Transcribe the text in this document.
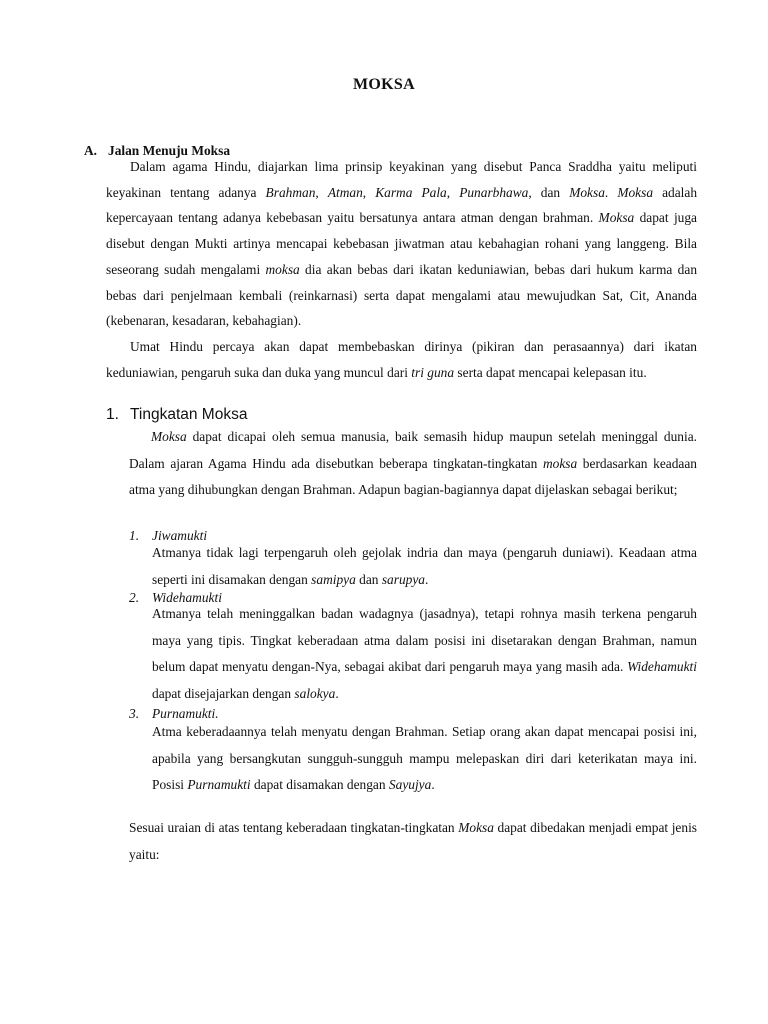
MOKSA
A. Jalan Menuju Moksa

Dalam agama Hindu, diajarkan lima prinsip keyakinan yang disebut Panca Sraddha yaitu meliputi keyakinan tentang adanya Brahman, Atman, Karma Pala, Punarbhawa, dan Moksa. Moksa adalah kepercayaan tentang adanya kebebasan yaitu bersatunya antara atman dengan brahman. Moksa dapat juga disebut dengan Mukti artinya mencapai kebebasan jiwatman atau kebahagian rohani yang langgeng. Bila seseorang sudah mengalami moksa dia akan bebas dari ikatan keduniawian, bebas dari hukum karma dan bebas dari penjelmaan kembali (reinkarnasi) serta dapat mengalami atau mewujudkan Sat, Cit, Ananda (kebenaran, kesadaran, kebahagian).

Umat Hindu percaya akan dapat membebaskan dirinya (pikiran dan perasaannya) dari ikatan keduniawian, pengaruh suka dan duka yang muncul dari tri guna serta dapat mencapai kelepasan itu.

1. Tingkatan Moksa

Moksa dapat dicapai oleh semua manusia, baik semasih hidup maupun setelah meninggal dunia. Dalam ajaran Agama Hindu ada disebutkan beberapa tingkatan-tingkatan moksa berdasarkan keadaan atma yang dihubungkan dengan Brahman. Adapun bagian-bagiannya dapat dijelaskan sebagai berikut;

1. Jiwamukti

Atmanya tidak lagi terpengaruh oleh gejolak indria dan maya (pengaruh duniawi). Keadaan atma seperti ini disamakan dengan samipya dan sarupya.

2. Widehamukti

Atmanya telah meninggalkan badan wadagnya (jasadnya), tetapi rohnya masih terkena pengaruh maya yang tipis. Tingkat keberadaan atma dalam posisi ini disetarakan dengan Brahman, namun belum dapat menyatu dengan-Nya, sebagai akibat dari pengaruh maya yang masih ada. Widehamukti dapat disejajarkan dengan salokya.

3. Purnamukti.

Atma keberadaannya telah menyatu dengan Brahman. Setiap orang akan dapat mencapai posisi ini, apabila yang bersangkutan sungguh-sungguh mampu melepaskan diri dari keterikatan maya ini. Posisi Purnamukti dapat disamakan dengan Sayujya.

Sesuai uraian di atas tentang keberadaan tingkatan-tingkatan Moksa dapat dibedakan menjadi empat jenis yaitu:
